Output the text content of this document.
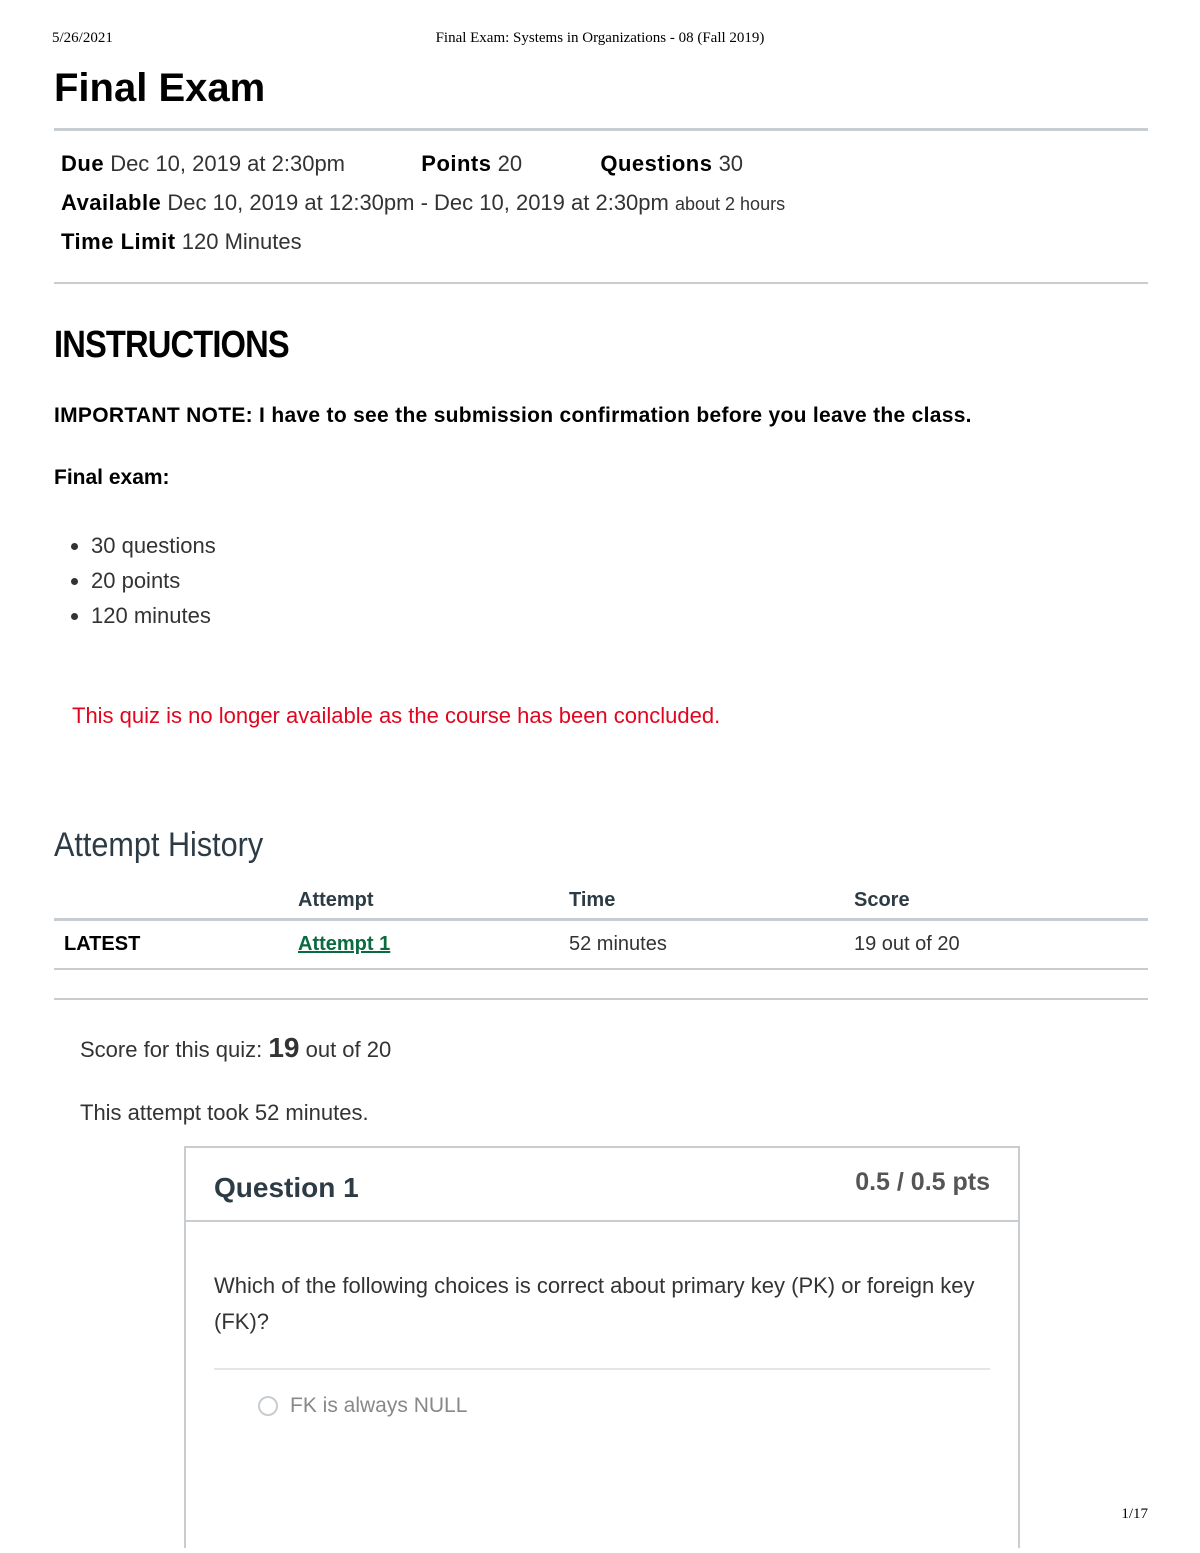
5/26/2021	Final Exam: Systems in Organizations - 08 (Fall 2019)
Final Exam
Due Dec 10, 2019 at 2:30pm	Points 20	Questions 30
Available Dec 10, 2019 at 12:30pm - Dec 10, 2019 at 2:30pm about 2 hours
Time Limit 120 Minutes
INSTRUCTIONS

IMPORTANT NOTE: I have to see the submission confirmation before you leave the class.

Final exam:

• 30 questions
• 20 points
• 120 minutes
This quiz is no longer available as the course has been concluded.
Attempt History
	Attempt	Time	Score
LATEST	Attempt 1	52 minutes	19 out of 20
Score for this quiz: 19 out of 20
This attempt took 52 minutes.
Question 1	0.5 / 0.5 pts
Which of the following choices is correct about primary key (PK) or foreign key (FK)?
FK is always NULL
1/17
